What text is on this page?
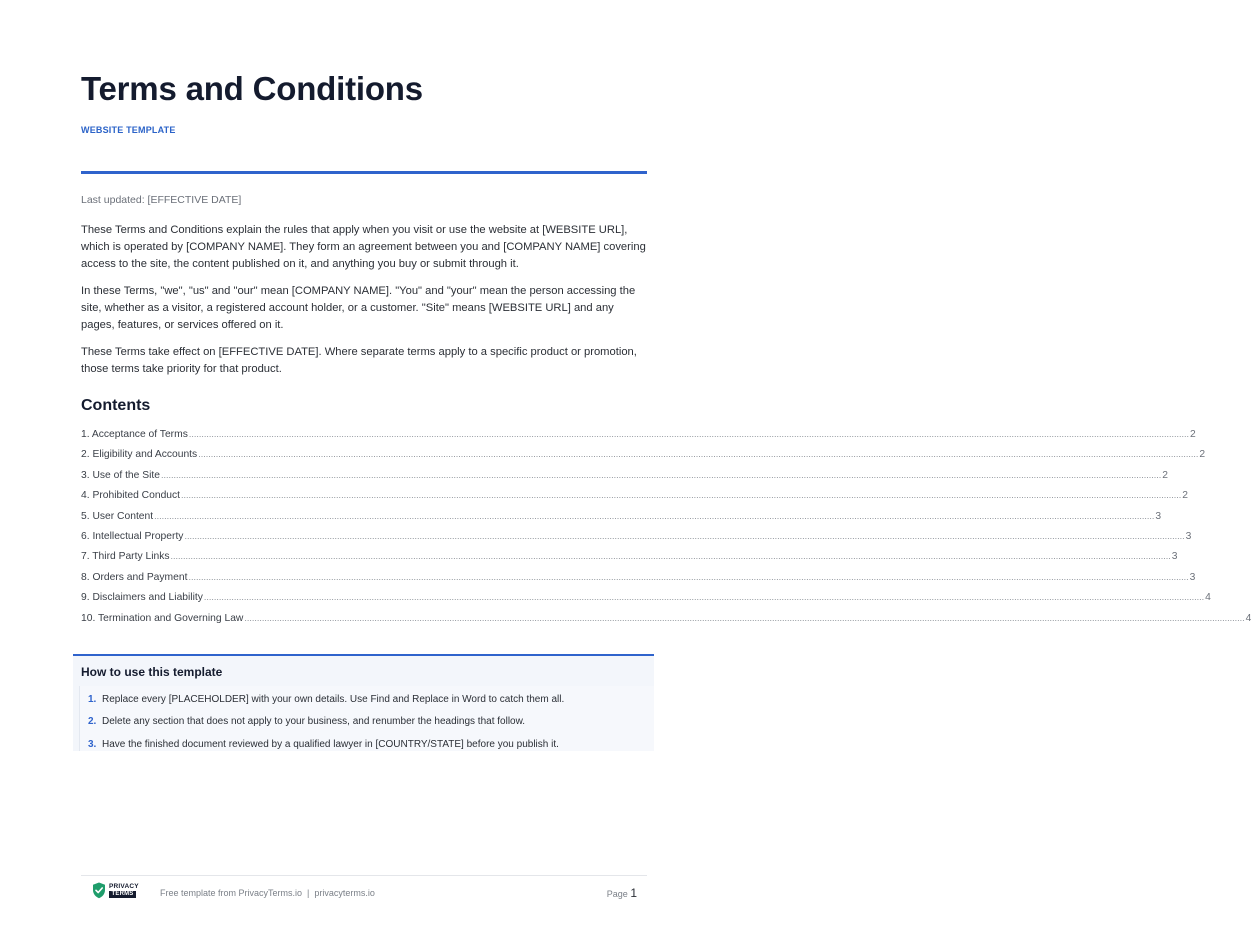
Terms and Conditions
WEBSITE TEMPLATE
Last updated: [EFFECTIVE DATE]

These Terms and Conditions explain the rules that apply when you visit or use the website at [WEBSITE URL], which is operated by [COMPANY NAME]. They form an agreement between you and [COMPANY NAME] covering access to the site, the content published on it, and anything you buy or submit through it.

In these Terms, "we", "us" and "our" mean [COMPANY NAME]. "You" and "your" mean the person accessing the site, whether as a visitor, a registered account holder, or a customer. "Site" means [WEBSITE URL] and any pages, features, or services offered on it.

These Terms take effect on [EFFECTIVE DATE]. Where separate terms apply to a specific product or promotion, those terms take priority for that product.

Contents
1. Acceptance of Terms ................................................................................................................................................................................................................................................................................................................................................................................................................ 2
2. Eligibility and Accounts ................................................................................................................................................................................................................................................................................................................................................................................................................ 2
3. Use of the Site ................................................................................................................................................................................................................................................................................................................................................................................................................ 2
4. Prohibited Conduct ................................................................................................................................................................................................................................................................................................................................................................................................................ 2
5. User Content ................................................................................................................................................................................................................................................................................................................................................................................................................ 3
6. Intellectual Property ................................................................................................................................................................................................................................................................................................................................................................................................................ 3
7. Third Party Links ................................................................................................................................................................................................................................................................................................................................................................................................................ 3
8. Orders and Payment ................................................................................................................................................................................................................................................................................................................................................................................................................ 3
9. Disclaimers and Liability ................................................................................................................................................................................................................................................................................................................................................................................................................ 4
10. Termination and Governing Law ................................................................................................................................................................................................................................................................................................................................................................................................................ 4
How to use this template
1. Replace every [PLACEHOLDER] with your own details. Use Find and Replace in Word to catch them all.
2. Delete any section that does not apply to your business, and renumber the headings that follow.
3. Have the finished document reviewed by a qualified lawyer in [COUNTRY/STATE] before you publish it.
PRIVACY
TERMS	Free template from PrivacyTerms.io  |  privacyterms.io	Page 1
